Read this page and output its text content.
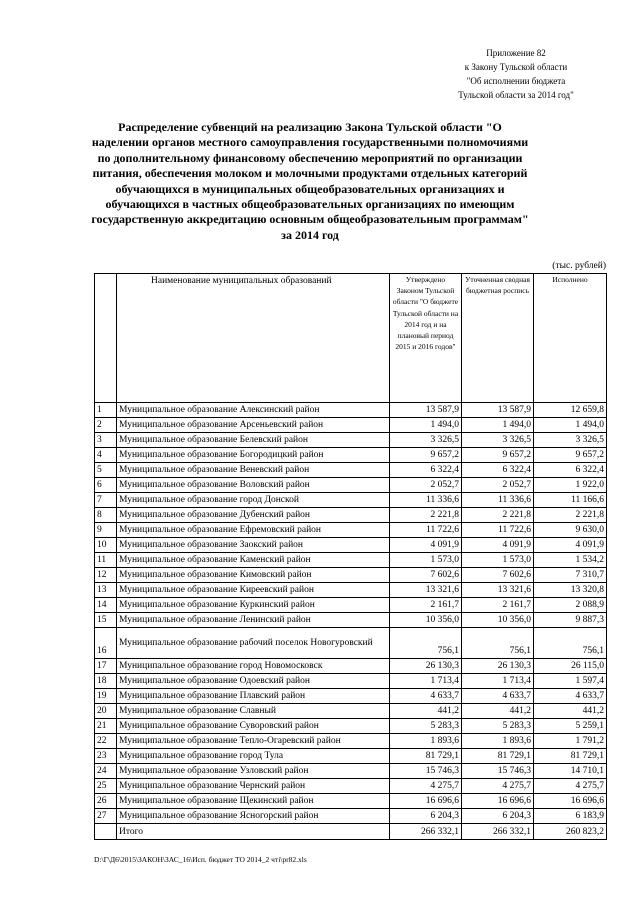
Приложение 82
к Закону Тульской области
"Об исполнении бюджета
Тульской области за 2014 год"
Распределение субвенций на реализацию Закона Тульской области "О наделении органов местного самоуправления государственными полномочиями по дополнительному финансовому обеспечению мероприятий по организации питания, обеспечения молоком и молочными продуктами отдельных категорий обучающихся в муниципальных общеобразовательных организациях и обучающихся в частных общеобразовательных организациях по имеющим государственную аккредитацию основным общеобразовательным программам" за 2014 год
(тыс. рублей)
	Наименование муниципальных образований	Утверждено Законом Тульской области "О бюджете Тульской области на 2014 год и на плановый период 2015 и 2016 годов"	Уточненная сводная бюджетная роспись	Исполнено
1	Муниципальное образование Алексинский район	13 587,9	13 587,9	12 659,8
2	Муниципальное образование Арсеньевский район	1 494,0	1 494,0	1 494,0
3	Муниципальное образование Белевский район	3 326,5	3 326,5	3 326,5
4	Муниципальное образование Богородицкий район	9 657,2	9 657,2	9 657,2
5	Муниципальное образование Веневский район	6 322,4	6 322,4	6 322,4
6	Муниципальное образование Воловский район	2 052,7	2 052,7	1 922,0
7	Муниципальное образование город Донской	11 336,6	11 336,6	11 166,6
8	Муниципальное образование Дубенский район	2 221,8	2 221,8	2 221,8
9	Муниципальное образование Ефремовский район	11 722,6	11 722,6	9 630,0
10	Муниципальное образование Заокский район	4 091,9	4 091,9	4 091,9
11	Муниципальное образование Каменский район	1 573,0	1 573,0	1 534,2
12	Муниципальное образование Кимовский район	7 602,6	7 602,6	7 310,7
13	Муниципальное образование Киреевский район	13 321,6	13 321,6	13 320,8
14	Муниципальное образование Куркинский район	2 161,7	2 161,7	2 088,9
15	Муниципальное образование Ленинский район	10 356,0	10 356,0	9 887,3
16	Муниципальное образование рабочий поселок Новогуровский	756,1	756,1	756,1
17	Муниципальное образование город Новомосковск	26 130,3	26 130,3	26 115,0
18	Муниципальное образование Одоевский район	1 713,4	1 713,4	1 597,4
19	Муниципальное образование Плавский район	4 633,7	4 633,7	4 633,7
20	Муниципальное образование Славный	441,2	441,2	441,2
21	Муниципальное образование Суворовский район	5 283,3	5 283,3	5 259,1
22	Муниципальное образование Тепло-Огаревский район	1 893,6	1 893,6	1 791,2
23	Муниципальное образование город Тула	81 729,1	81 729,1	81 729,1
24	Муниципальное образование Узловский район	15 746,3	15 746,3	14 710,1
25	Муниципальное образование Чернский район	4 275,7	4 275,7	4 275,7
26	Муниципальное образование Щекинский район	16 696,6	16 696,6	16 696,6
27	Муниципальное образование Ясногорский район	6 204,3	6 204,3	6 183,9
	Итого	266 332,1	266 332,1	260 823,2
D:\Г\Д6\2015\ЗАКОН\ЗАС_16\Исп. бюджет ТО 2014_2 чтi\pr82.xls
